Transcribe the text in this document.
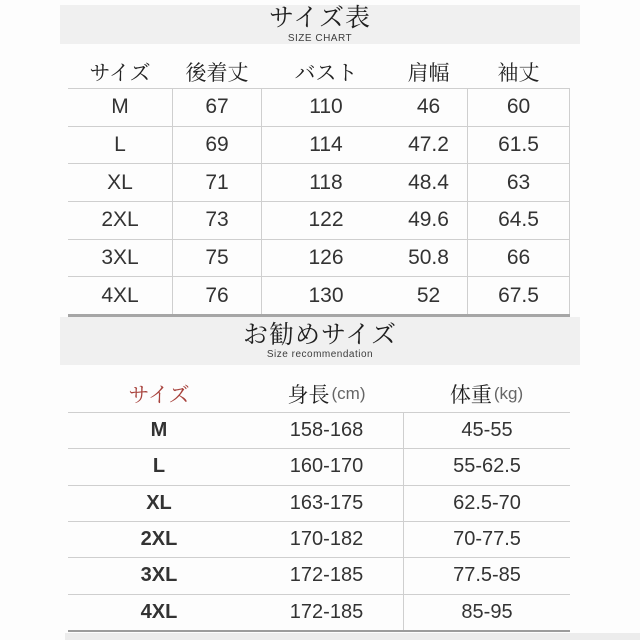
サイズ表
SIZE CHART
サイズ	後着丈	バスト	肩幅	袖丈
M	67	110	46	60
L	69	114	47.2	61.5
XL	71	118	48.4	63
2XL	73	122	49.6	64.5
3XL	75	126	50.8	66
4XL	76	130	52	67.5
お勧めサイズ
Size recommendation
サイズ	身長 (cm)	体重 (kg)
M	158-168	45-55
L	160-170	55-62.5
XL	163-175	62.5-70
2XL	170-182	70-77.5
3XL	172-185	77.5-85
4XL	172-185	85-95
